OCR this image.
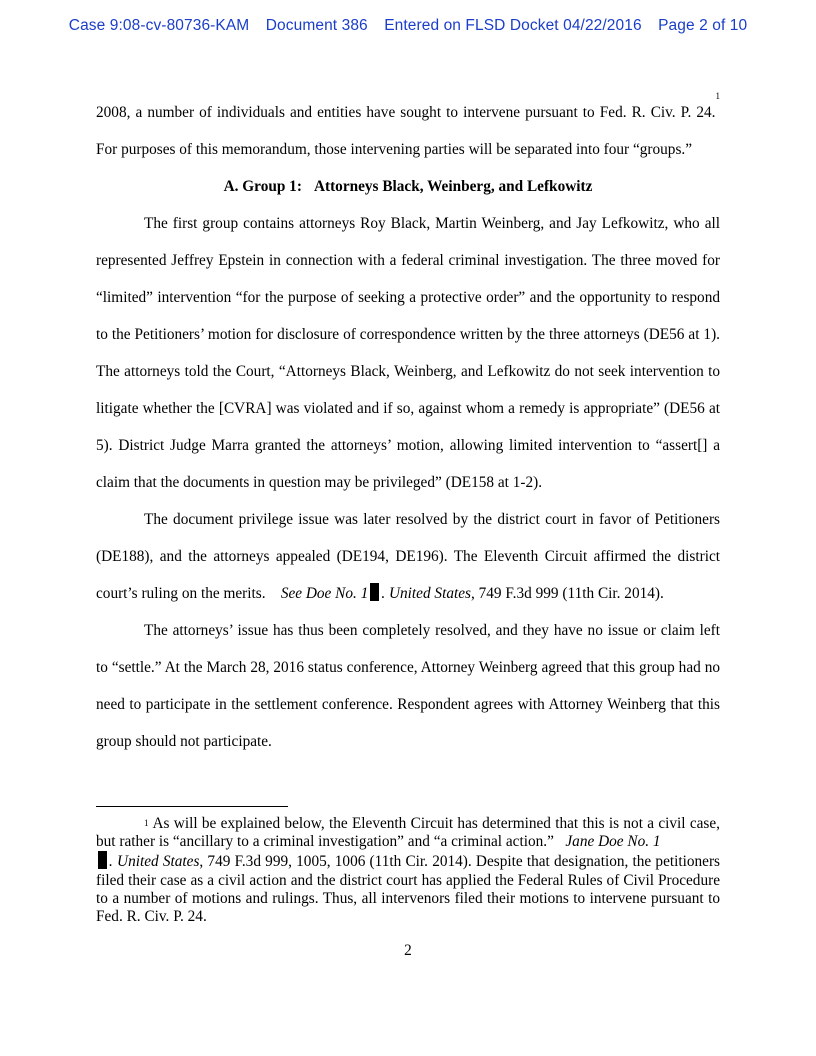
Case 9:08-cv-80736-KAM Document 386 Entered on FLSD Docket 04/22/2016 Page 2 of 10

2008, a number of individuals and entities have sought to intervene pursuant to Fed. R. Civ. P. 24.$^1$ For purposes of this memorandum, those intervening parties will be separated into four “groups.”

A. Group 1: Attorneys Black, Weinberg, and Lefkowitz

The first group contains attorneys Roy Black, Martin Weinberg, and Jay Lefkowitz, who all represented Jeffrey Epstein in connection with a federal criminal investigation. The three moved for “limited” intervention “for the purpose of seeking a protective order” and the opportunity to respond to the Petitioners’ motion for disclosure of correspondence written by the three attorneys (DE56 at 1). The attorneys told the Court, “Attorneys Black, Weinberg, and Lefkowitz do not seek intervention to litigate whether the [CVRA] was violated and if so, against whom a remedy is appropriate” (DE56 at 5). District Judge Marra granted the attorneys’ motion, allowing limited intervention to “assert[] a claim that the documents in question may be privileged” (DE158 at 1-2).

The document privilege issue was later resolved by the district court in favor of Petitioners (DE188), and the attorneys appealed (DE194, DE196). The Eleventh Circuit affirmed the district court’s ruling on the merits. See Doe No. 1 . United States, 749 F.3d 999 (11th Cir. 2014).

The attorneys’ issue has thus been completely resolved, and they have no issue or claim left to “settle.” At the March 28, 2016 status conference, Attorney Weinberg agreed that this group had no need to participate in the settlement conference. Respondent agrees with Attorney Weinberg that this group should not participate.

$^1$ As will be explained below, the Eleventh Circuit has determined that this is not a civil case, but rather is “ancillary to a criminal investigation” and “a criminal action.” Jane Doe No. 1
. United States, 749 F.3d 999, 1005, 1006 (11th Cir. 2014). Despite that designation, the petitioners filed their case as a civil action and the district court has applied the Federal Rules of Civil Procedure to a number of motions and rulings. Thus, all intervenors filed their motions to intervene pursuant to Fed. R. Civ. P. 24.
2
